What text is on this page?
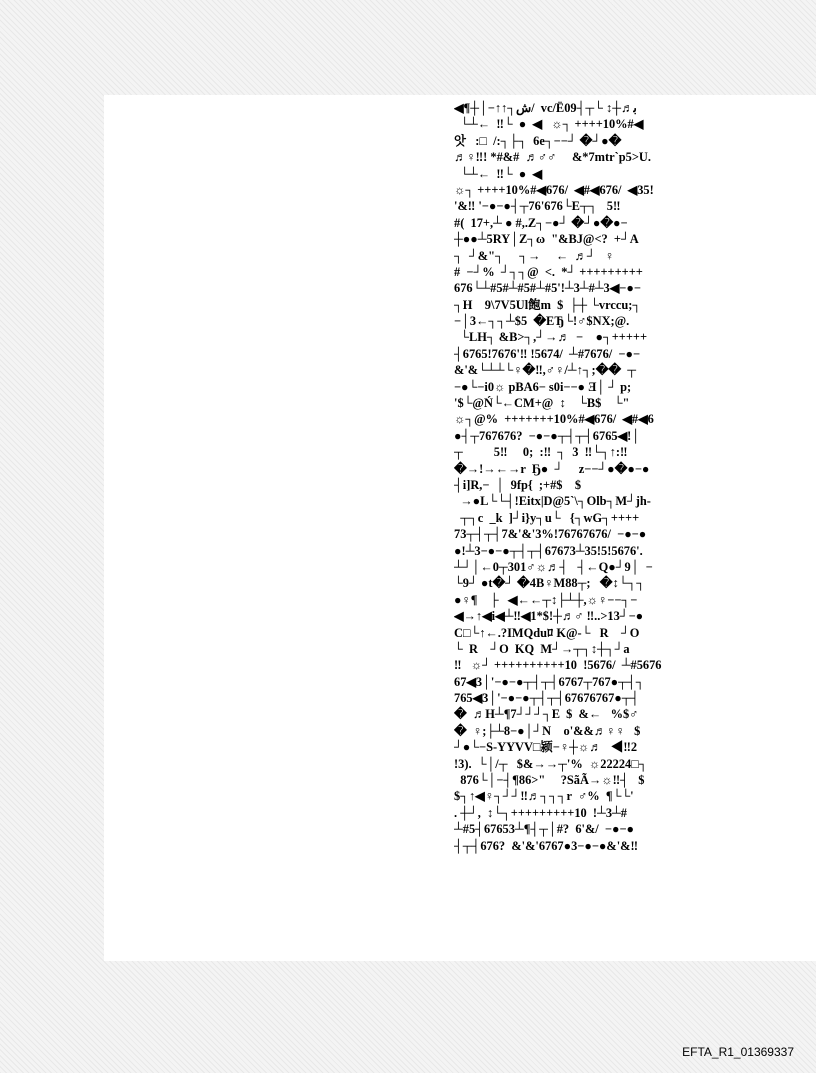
◀¶┼│−↑↑┐ش/  vc/Ë0ﺑ♬┼↕ └┬┤9
└┴←  ‼└  ●  ◀   ☼┐ ++++10%#◀
앗   :□  /:┐├┐  6e┐−−┘ �┘●�
♬♀‼! *#&#  ♬♂♂     &*7mtr`p5>U.
└┴←  ‼└  ●  ◀
☼┐ ++++10%#◀676/  ◀#◀676/  ◀35!
'&‼ '−●−●┤┬76'676└E┬┐   5‼
#(  17+,┴ ● #,.Z┐−●┘ �┘●�●−
┼●●┴5RY│Z┐ω  "&BJ@<?  +┘A
┐  ┘&"┐     ┐→     ←  ♬┘   ♀
#  −┘%  ┘┐┐@  <.  *┘ +++++++++
676└┴#5#┴#5#┴#5'!┴3┴#┴3◀−●−
┐H    9\7V5Ul飽m  $  ├┼ └vrccu;┐
−│3←┐┐┴$5  �EЂ└!♂$NX;@.
└LH┐ &B>┐,┘→♬  −    ●┐+++++
┤6765!7676'‼ !5674/  ┴#7676/  −●−
&'&└┴┴└♀�‼,♂♀/┴↑┐;��  ┬
−●└−i0☼ pBA6− s0i−−● Ǝ│ ┘ p;
'$└@Ń└←CM+@  ↕    └B$    └"
☼┐@%  +++++++10%#◀676/  ◀#◀6
●┤┬767676?  −●−●┬┤┬┤6765◀!│
┬          5‼     0;  :‼  ┐  3  ‼└┐↑:‼
�→!→←→r  Ҕ●  ┘     z−−┘●�●−●
┤i]R,−  │  9fp{  ;+#$    $
→●L└└┤!Eitx|D@5`\┐Olb┐M┘jh-
┬┐c  _k  ]┘i}y┐u└   {┐wG┐++++
73┬┤┬┤7&'&'3%!76767676/  −●−●
●!┴3−●−●┬┤┬┤67673┴35!5!5676'.
┴┘│←0┬301♂☼♬┤   ┤←Q●┘9│  −
└9┘ ●t�┘ �4B♀M88┬;   �↕└┐┐
●♀¶    ├   ◀←←┬↕├┴┼,☼♀−−┐−
◀→↑◀i◀┴‼◀1*$!┼♬♂ ‼..>13┘−●
C□└↑←.?IMQduﾛ K@-└   R    ┘O
└  R    ┘O  KQ  M┘→┬┐↕┼┐┘a
‼   ☼┘ ++++++++++10  !5676/  ┴#5676
67◀3│'−●−●┬┤┬┤6767┬767●┬┤┐
765◀3│'−●−●┬┤┬┤67676767●┬┤
�  ♬H┴¶7┘┘┘┐E  $  &←   %$♂
�  ♀;├┴8−●│┘N    ο'&&♬♀♀   $
┘●└−S-YYVV□颍−♀┼☼♬   ◀‼2
!3).  └│/┬   $&→→┬'%  ☼22224□┐
876└│−┤¶86>"     ?SãÃ→☼‼┤   $
$┐↑◀♀┐┘┘‼♬┐┐┐r  ♂%  ¶└└'
. ┼┘,  ↕└┐+++++++++10  !┴3┴#
┴#5┤67653┴¶┤┬│#?  6'&/  −●−●
┤┬┤676?  &'&'6767●3−●−●&'&‼
EFTA_R1_01369337
